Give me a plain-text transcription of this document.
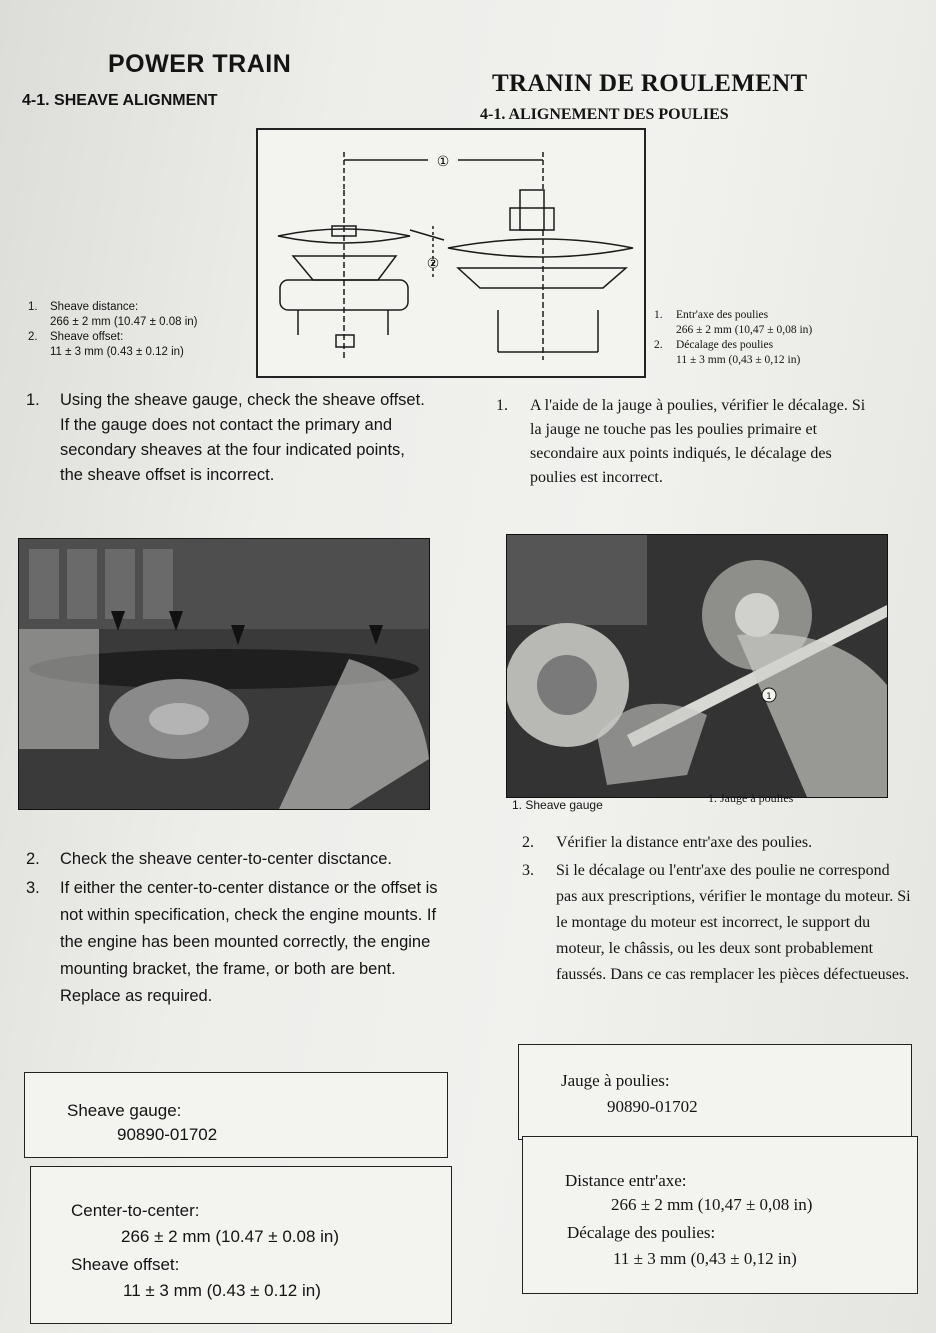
POWER TRAIN
4-1. SHEAVE ALIGNMENT
TRANIN DE ROULEMENT
4-1. ALIGNEMENT DES POULIES
①
②
1.	Sheave distance:
266 ± 2 mm (10.47 ± 0.08 in)
2.	Sheave offset:
11 ± 3 mm (0.43 ± 0.12 in)
1.	Entr'axe des poulies
266 ± 2 mm (10,47 ± 0,08 in)
2.	Décalage des poulies
11 ± 3 mm (0,43 ± 0,12 in)
1.	Using the sheave gauge, check the sheave offset. If the gauge does not contact the primary and secondary sheaves at the four indicated points, the sheave offset is incorrect.
1.	A l'aide de la jauge à poulies, vérifier le décalage. Si la jauge ne touche pas les poulies primaire et secondaire aux points indiqués, le décalage des poulies est incorrect.
1
1. Sheave gauge	1. Jauge à poulies
2.	Check the sheave center-to-center disctance.
3.	If either the center-to-center distance or the offset is not within specification, check the engine mounts. If the engine has been mounted correctly, the engine mounting bracket, the frame, or both are bent. Replace as required.
2.	Vérifier la distance entr'axe des poulies.
3.	Si le décalage ou l'entr'axe des poulie ne correspond pas aux prescriptions, vérifier le montage du moteur. Si le montage du moteur est incorrect, le support du moteur, le châssis, ou les deux sont probablement faussés. Dans ce cas remplacer les pièces défectueuses.
Sheave gauge:
90890-01702
Jauge à poulies:
90890-01702
Center-to-center:
266 ± 2 mm (10.47 ± 0.08 in)
Sheave offset:
11 ± 3 mm (0.43 ± 0.12 in)
Distance entr'axe:
266 ± 2 mm (10,47 ± 0,08 in)
Décalage des poulies:
11 ± 3 mm (0,43 ± 0,12 in)
